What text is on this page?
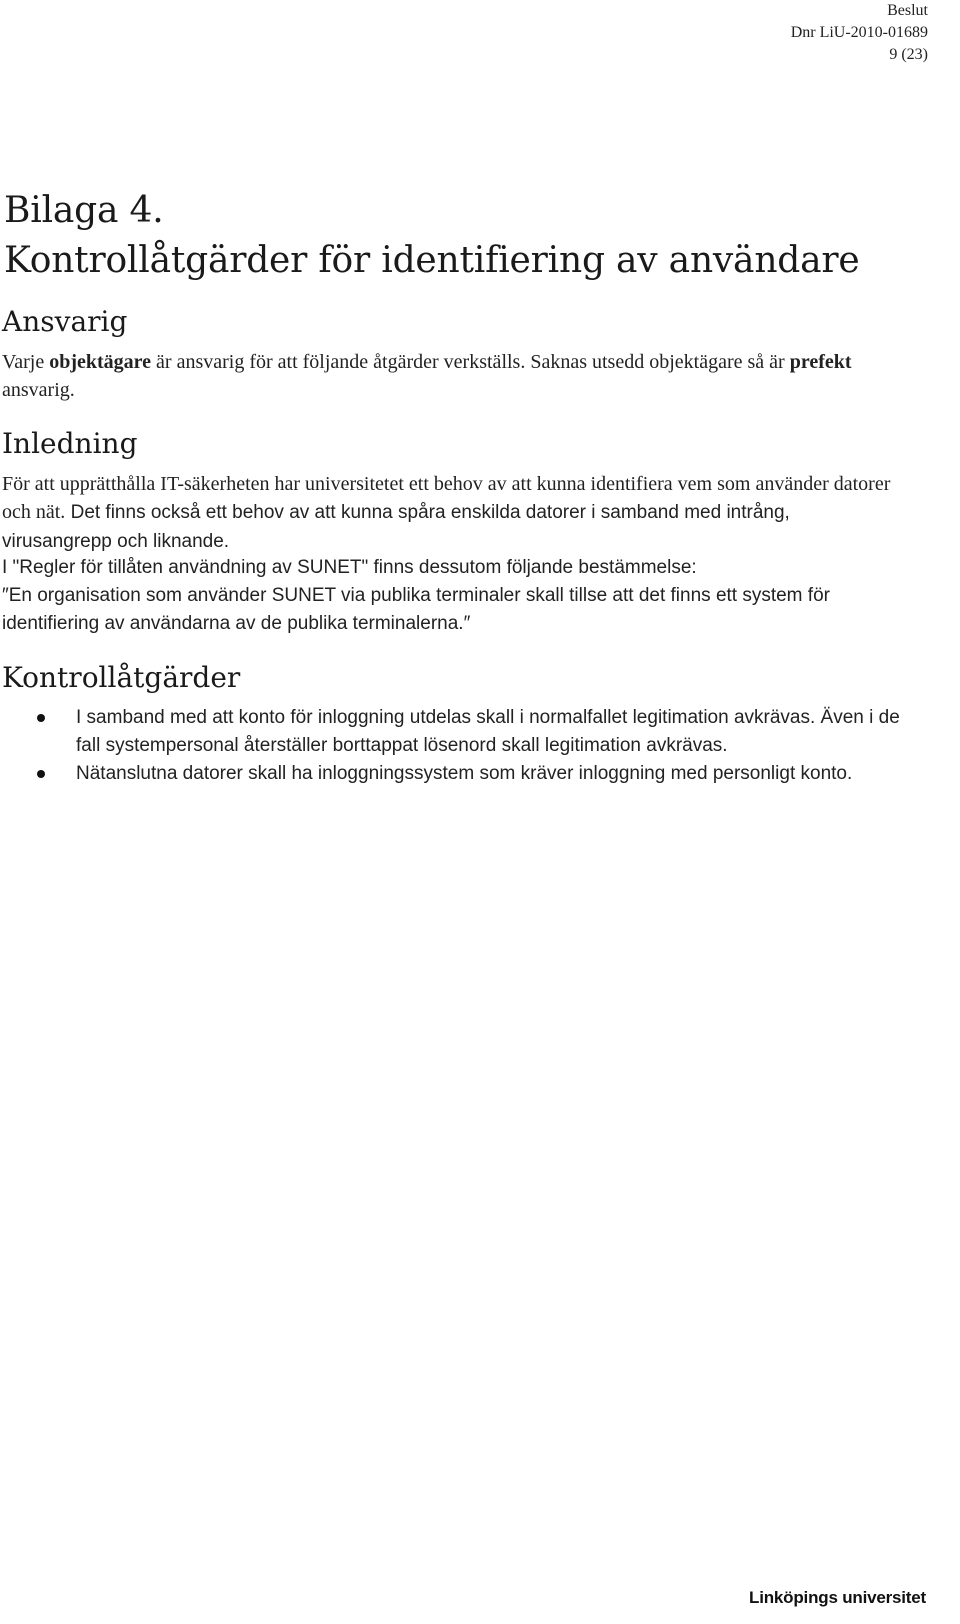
Beslut
Dnr LiU-2010-01689
9 (23)
Bilaga 4.
Kontrollåtgärder för identifiering av användare
Ansvarig

Varje objektägare är ansvarig för att följande åtgärder verkställs. Saknas utsedd objektägare så är prefekt ansvarig.

Inledning

För att upprätthålla IT-säkerheten har universitetet ett behov av att kunna identifiera vem som använder datorer och nät. Det finns också ett behov av att kunna spåra enskilda datorer i samband med intrång, virusangrepp och liknande.

I "Regler för tillåten användning av SUNET" finns dessutom följande bestämmelse:

″En organisation som använder SUNET via publika terminaler skall tillse att det finns ett system för identifiering av användarna av de publika terminalerna.″

Kontrollåtgärder
I samband med att konto för inloggning utdelas skall i normalfallet legitimation avkrävas. Även i de fall systempersonal återställer borttappat lösenord skall legitimation avkrävas.
Nätanslutna datorer skall ha inloggningssystem som kräver inloggning med personligt konto.
Linköpings universitet
